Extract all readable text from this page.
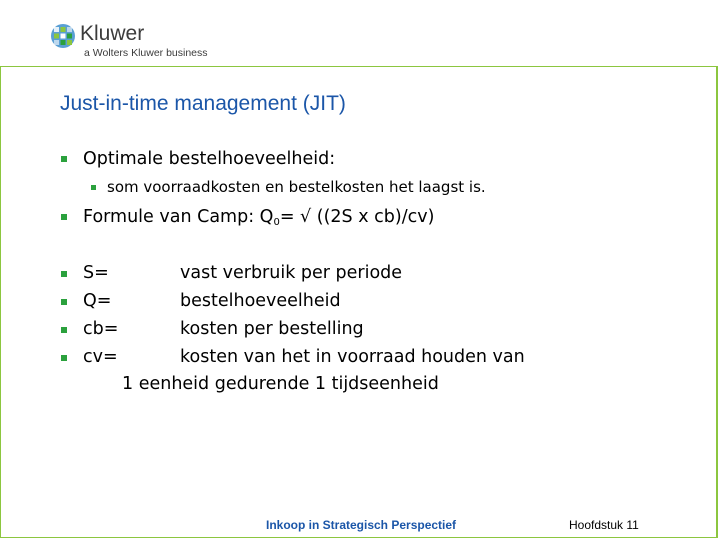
Kluwer
a Wolters Kluwer business
Just-in-time management (JIT)
Optimale bestelhoeveelheid:
som voorraadkosten en bestelkosten het laagst is.
Formule van Camp: $Q_0=$ √ ((2S x cb)/cv)
S=	vast verbruik per periode
Q=	bestelhoeveelheid
cb=	kosten per bestelling
cv=	kosten van het in voorraad houden van
1 eenheid gedurende 1 tijdseenheid
Inkoop in Strategisch Perspectief	Hoofdstuk 11
